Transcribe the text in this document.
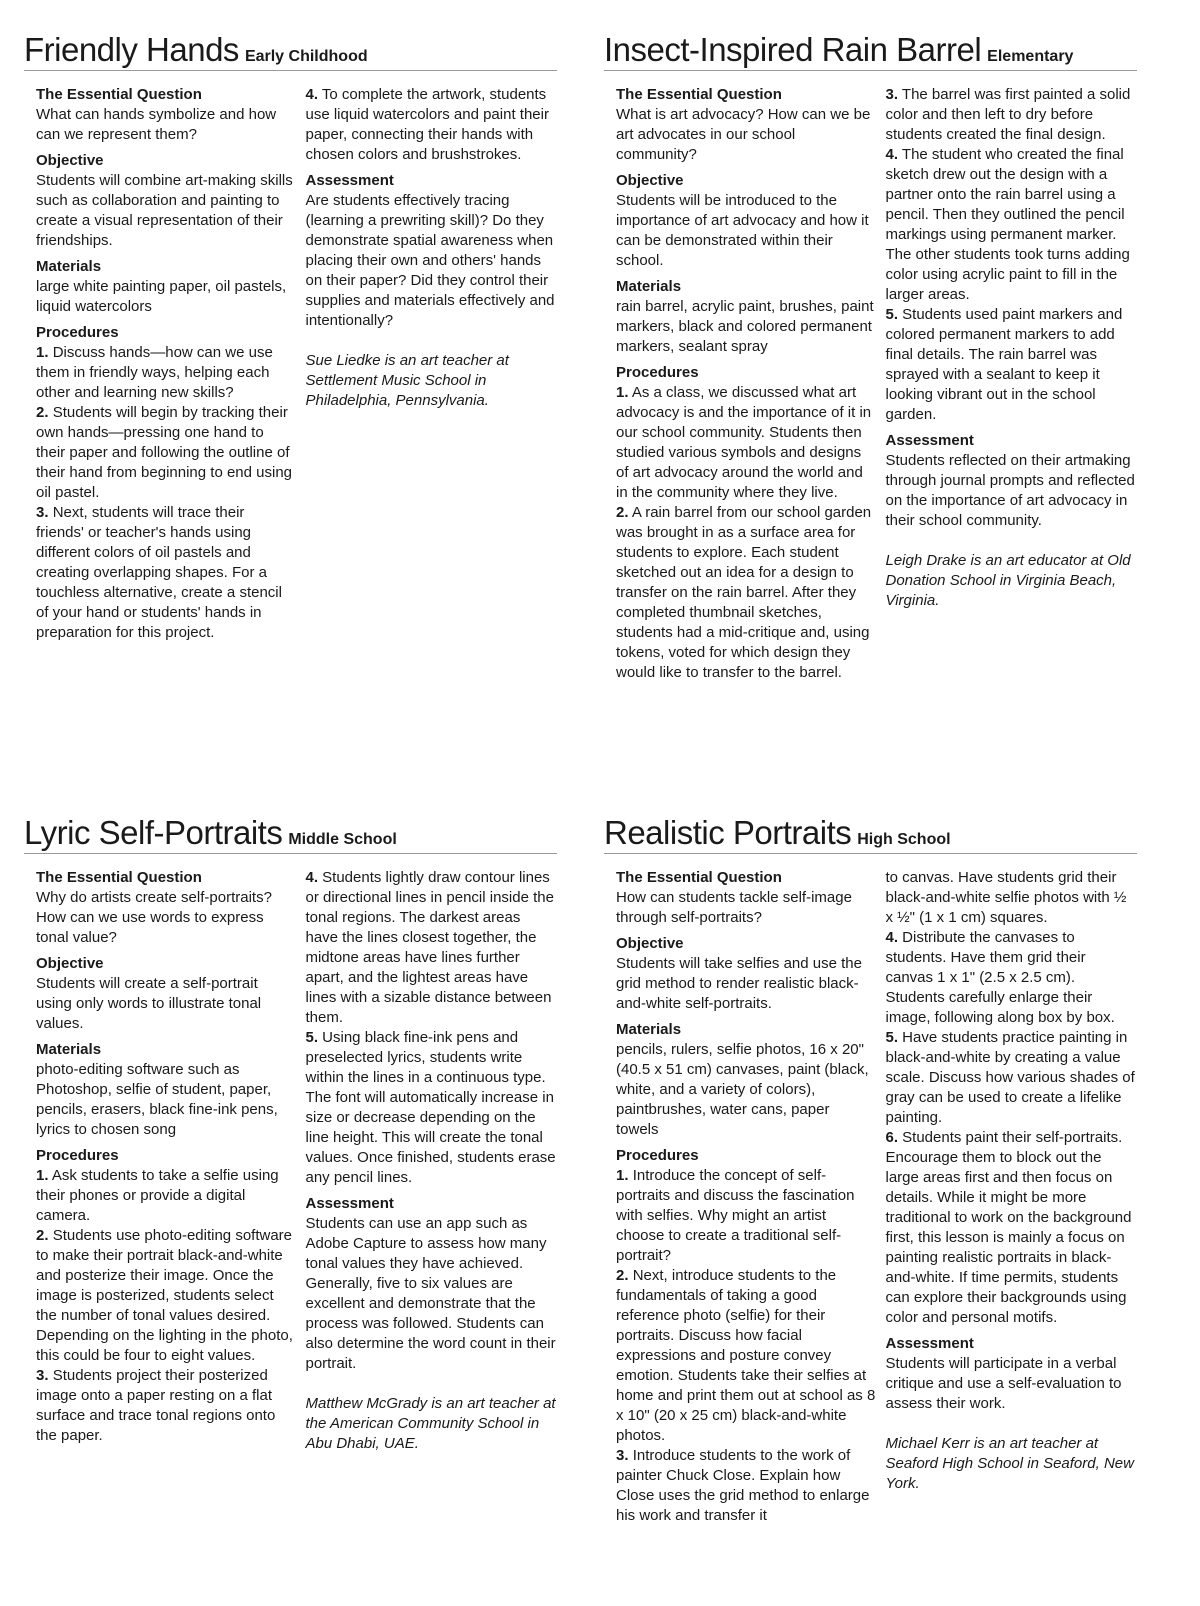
Friendly Hands Early Childhood
The Essential Question

What can hands symbolize and how can we represent them?

Objective

Students will combine art-making skills such as collaboration and painting to create a visual representation of their friendships.

Materials

large white painting paper, oil pastels, liquid watercolors

Procedures

1. Discuss hands—how can we use them in friendly ways, helping each other and learning new skills?

2. Students will begin by tracking their own hands—pressing one hand to their paper and following the outline of their hand from beginning to end using oil pastel.

3. Next, students will trace their friends' or teacher's hands using different colors of oil pastels and creating overlapping shapes. For a touchless alternative, create a stencil of your hand or students' hands in preparation for this project.

4. To complete the artwork, students use liquid watercolors and paint their paper, connecting their hands with chosen colors and brushstrokes.

Assessment

Are students effectively tracing (learning a prewriting skill)? Do they demonstrate spatial awareness when placing their own and others' hands on their paper? Did they control their supplies and materials effectively and intentionally?

Sue Liedke is an art teacher at Settlement Music School in Philadelphia, Pennsylvania.

Insect-Inspired Rain Barrel Elementary
The Essential Question

What is art advocacy? How can we be art advocates in our school community?

Objective

Students will be introduced to the importance of art advocacy and how it can be demonstrated within their school.

Materials

rain barrel, acrylic paint, brushes, paint markers, black and colored permanent markers, sealant spray

Procedures

1. As a class, we discussed what art advocacy is and the importance of it in our school community. Students then studied various symbols and designs of art advocacy around the world and in the community where they live.

2. A rain barrel from our school garden was brought in as a surface area for students to explore. Each student sketched out an idea for a design to transfer on the rain barrel. After they completed thumbnail sketches, students had a mid-critique and, using tokens, voted for which design they would like to transfer to the barrel.

3. The barrel was first painted a solid color and then left to dry before students created the final design.

4. The student who created the final sketch drew out the design with a partner onto the rain barrel using a pencil. Then they outlined the pencil markings using permanent marker. The other students took turns adding color using acrylic paint to fill in the larger areas.

5. Students used paint markers and colored permanent markers to add final details. The rain barrel was sprayed with a sealant to keep it looking vibrant out in the school garden.

Assessment

Students reflected on their artmaking through journal prompts and reflected on the importance of art advocacy in their school community.

Leigh Drake is an art educator at Old Donation School in Virginia Beach, Virginia.

Lyric Self-Portraits Middle School
The Essential Question

Why do artists create self-portraits? How can we use words to express tonal value?

Objective

Students will create a self-portrait using only words to illustrate tonal values.

Materials

photo-editing software such as Photoshop, selfie of student, paper, pencils, erasers, black fine-ink pens, lyrics to chosen song

Procedures

1. Ask students to take a selfie using their phones or provide a digital camera.

2. Students use photo-editing software to make their portrait black-and-white and posterize their image. Once the image is posterized, students select the number of tonal values desired. Depending on the lighting in the photo, this could be four to eight values.

3. Students project their posterized image onto a paper resting on a flat surface and trace tonal regions onto the paper.

4. Students lightly draw contour lines or directional lines in pencil inside the tonal regions. The darkest areas have the lines closest together, the midtone areas have lines further apart, and the lightest areas have lines with a sizable distance between them.

5. Using black fine-ink pens and preselected lyrics, students write within the lines in a continuous type. The font will automatically increase in size or decrease depending on the line height. This will create the tonal values. Once finished, students erase any pencil lines.

Assessment

Students can use an app such as Adobe Capture to assess how many tonal values they have achieved. Generally, five to six values are excellent and demonstrate that the process was followed. Students can also determine the word count in their portrait.

Matthew McGrady is an art teacher at the American Community School in Abu Dhabi, UAE.

Realistic Portraits High School
The Essential Question

How can students tackle self-image through self-portraits?

Objective

Students will take selfies and use the grid method to render realistic black-and-white self-portraits.

Materials

pencils, rulers, selfie photos, 16 x 20" (40.5 x 51 cm) canvases, paint (black, white, and a variety of colors), paintbrushes, water cans, paper towels

Procedures

1. Introduce the concept of self-portraits and discuss the fascination with selfies. Why might an artist choose to create a traditional self-portrait?

2. Next, introduce students to the fundamentals of taking a good reference photo (selfie) for their portraits. Discuss how facial expressions and posture convey emotion. Students take their selfies at home and print them out at school as 8 x 10" (20 x 25 cm) black-and-white photos.

3. Introduce students to the work of painter Chuck Close. Explain how Close uses the grid method to enlarge his work and transfer it

to canvas. Have students grid their black-and-white selfie photos with ½ x ½" (1 x 1 cm) squares.

4. Distribute the canvases to students. Have them grid their canvas 1 x 1" (2.5 x 2.5 cm). Students carefully enlarge their image, following along box by box.

5. Have students practice painting in black-and-white by creating a value scale. Discuss how various shades of gray can be used to create a lifelike painting.

6. Students paint their self-portraits. Encourage them to block out the large areas first and then focus on details. While it might be more traditional to work on the background first, this lesson is mainly a focus on painting realistic portraits in black-and-white. If time permits, students can explore their backgrounds using color and personal motifs.

Assessment

Students will participate in a verbal critique and use a self-evaluation to assess their work.

Michael Kerr is an art teacher at Seaford High School in Seaford, New York.
